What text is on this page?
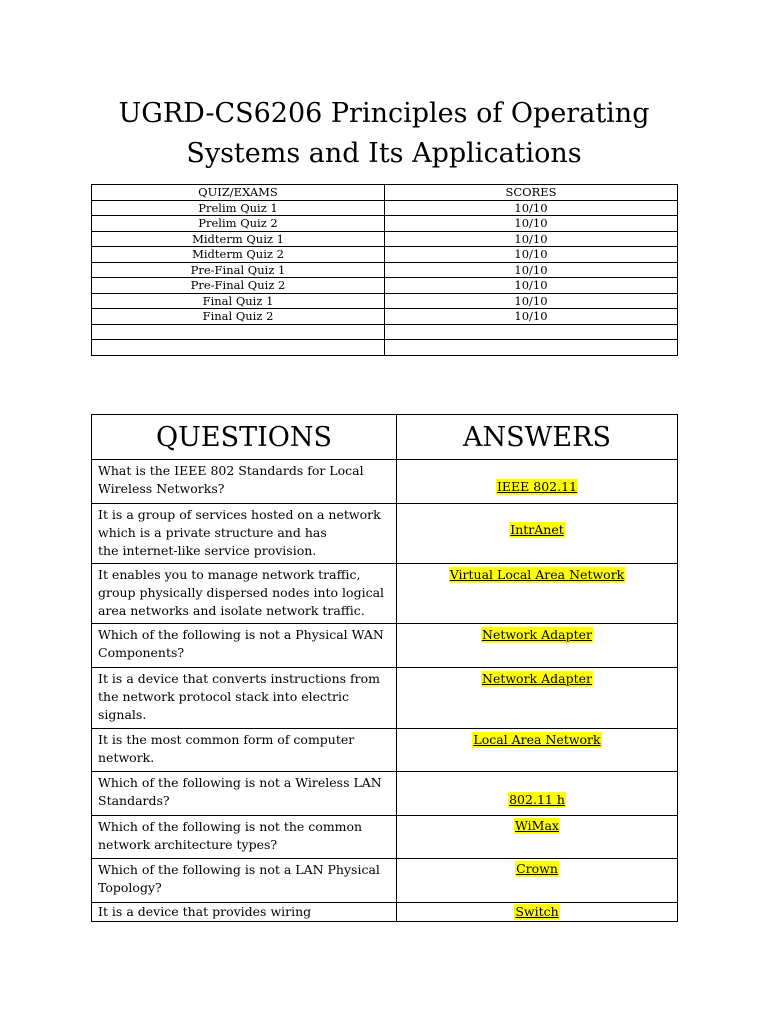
UGRD-CS6206 Principles of Operating
Systems and Its Applications
QUIZ/EXAMS	SCORES
Prelim Quiz 1	10/10
Prelim Quiz 2	10/10
Midterm Quiz 1	10/10
Midterm Quiz 2	10/10
Pre-Final Quiz 1	10/10
Pre-Final Quiz 2	10/10
Final Quiz 1	10/10
Final Quiz 2	10/10

QUESTIONS	ANSWERS

What is the IEEE 802 Standards for Local
Wireless Networks?	IEEE 802.11

It is a group of services hosted on a network
which is a private structure and has
the internet-like service provision.	IntrAnet

It enables you to manage network traffic,
group physically dispersed nodes into logical
area networks and isolate network traffic.	Virtual Local Area Network

Which of the following is not a Physical WAN
Components?	Network Adapter

It is a device that converts instructions from
the network protocol stack into electric
signals.	Network Adapter

It is the most common form of computer
network.	Local Area Network

Which of the following is not a Wireless LAN
Standards?	802.11 h

Which of the following is not the common
network architecture types?	WiMax

Which of the following is not a LAN Physical
Topology?	Crown

It is a device that provides wiring	Switch
